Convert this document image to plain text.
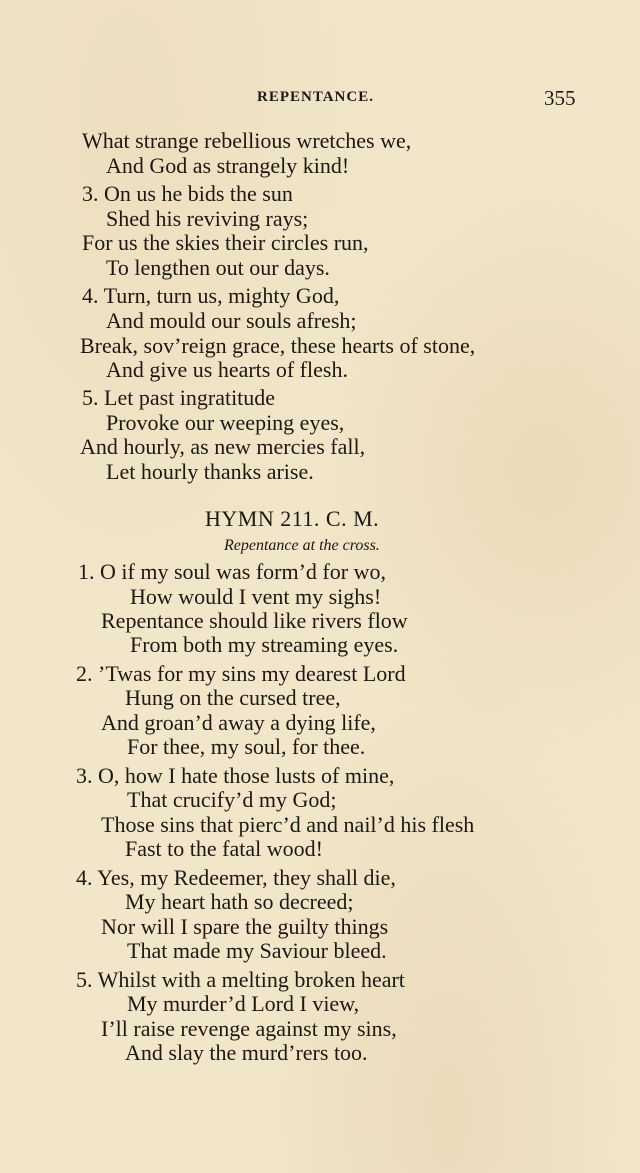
REPENTANCE.	355
What strange rebellious wretches we,
And God as strangely kind!
3. On us he bids the sun
Shed his reviving rays;
For us the skies their circles run,
To lengthen out our days.
4. Turn, turn us, mighty God,
And mould our souls afresh;
Break, sov’reign grace, these hearts of stone,
And give us hearts of flesh.
5. Let past ingratitude
Provoke our weeping eyes,
And hourly, as new mercies fall,
Let hourly thanks arise.
HYMN 211. C. M.
Repentance at the cross.
1. O if my soul was form’d for wo,
How would I vent my sighs!
Repentance should like rivers flow
From both my streaming eyes.
2. ’Twas for my sins my dearest Lord
Hung on the cursed tree,
And groan’d away a dying life,
For thee, my soul, for thee.
3. O, how I hate those lusts of mine,
That crucify’d my God;
Those sins that pierc’d and nail’d his flesh
Fast to the fatal wood!
4. Yes, my Redeemer, they shall die,
My heart hath so decreed;
Nor will I spare the guilty things
That made my Saviour bleed.
5. Whilst with a melting broken heart
My murder’d Lord I view,
I’ll raise revenge against my sins,
And slay the murd’rers too.
